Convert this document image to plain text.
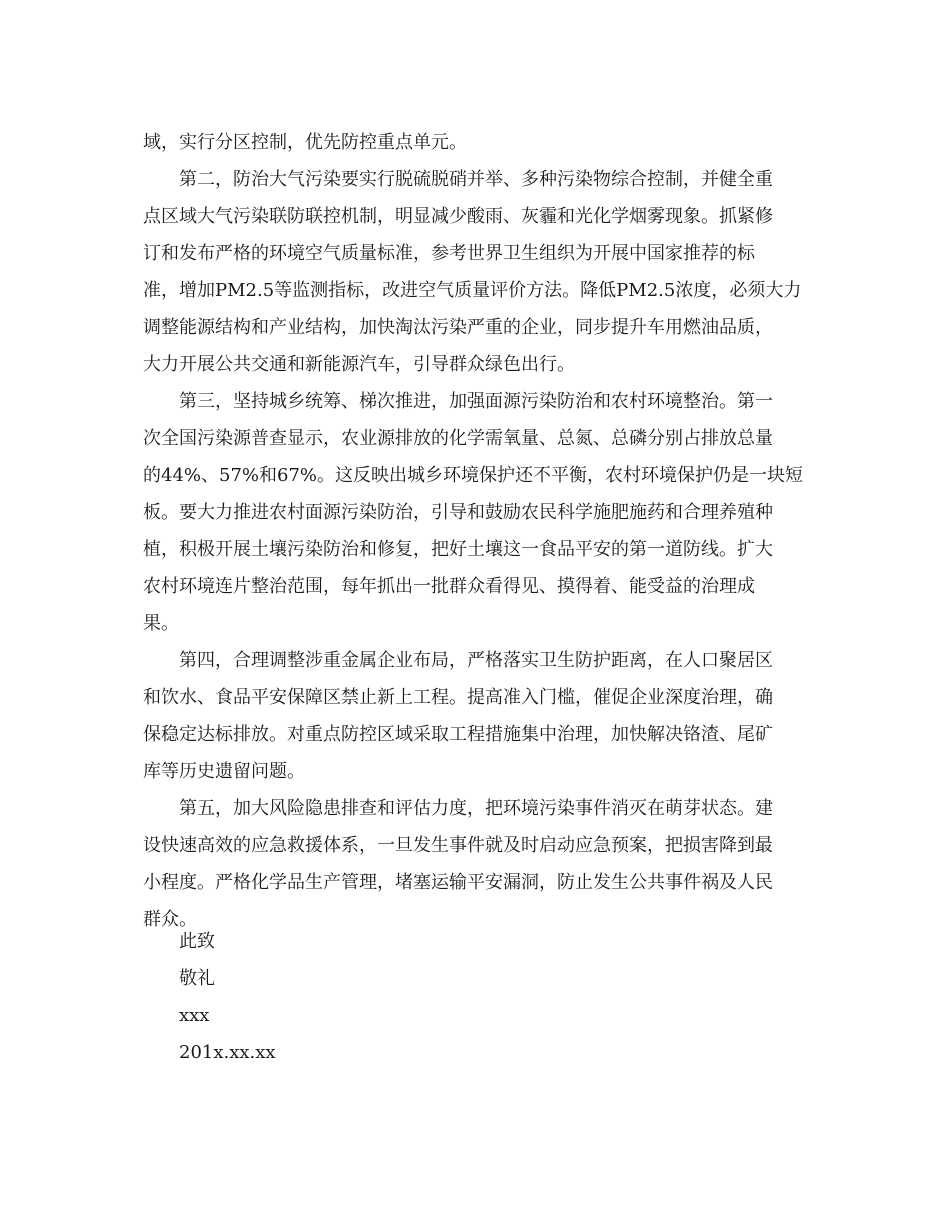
域，实行分区控制，优先防控重点单元。

第二，防治大气污染要实行脱硫脱硝并举、多种污染物综合控制，并健全重

点区域大气污染联防联控机制，明显减少酸雨、灰霾和光化学烟雾现象。抓紧修

订和发布严格的环境空气质量标准，参考世界卫生组织为开展中国家推荐的标

准，增加PM2.5等监测指标，改进空气质量评价方法。降低PM2.5浓度，必须大力

调整能源结构和产业结构，加快淘汰污染严重的企业，同步提升车用燃油品质，

大力开展公共交通和新能源汽车，引导群众绿色出行。

第三，坚持城乡统筹、梯次推进，加强面源污染防治和农村环境整治。第一

次全国污染源普查显示，农业源排放的化学需氧量、总氮、总磷分别占排放总量

的44%、57%和67%。这反映出城乡环境保护还不平衡，农村环境保护仍是一块短

板。要大力推进农村面源污染防治，引导和鼓励农民科学施肥施药和合理养殖种

植，积极开展土壤污染防治和修复，把好土壤这一食品平安的第一道防线。扩大

农村环境连片整治范围，每年抓出一批群众看得见、摸得着、能受益的治理成

果。

第四，合理调整涉重金属企业布局，严格落实卫生防护距离，在人口聚居区

和饮水、食品平安保障区禁止新上工程。提高准入门槛，催促企业深度治理，确

保稳定达标排放。对重点防控区域采取工程措施集中治理，加快解决铬渣、尾矿

库等历史遗留问题。

第五，加大风险隐患排查和评估力度，把环境污染事件消灭在萌芽状态。建

设快速高效的应急救援体系，一旦发生事件就及时启动应急预案，把损害降到最

小程度。严格化学品生产管理，堵塞运输平安漏洞，防止发生公共事件祸及人民

群众。

此致

敬礼

xxx

201x.xx.xx
